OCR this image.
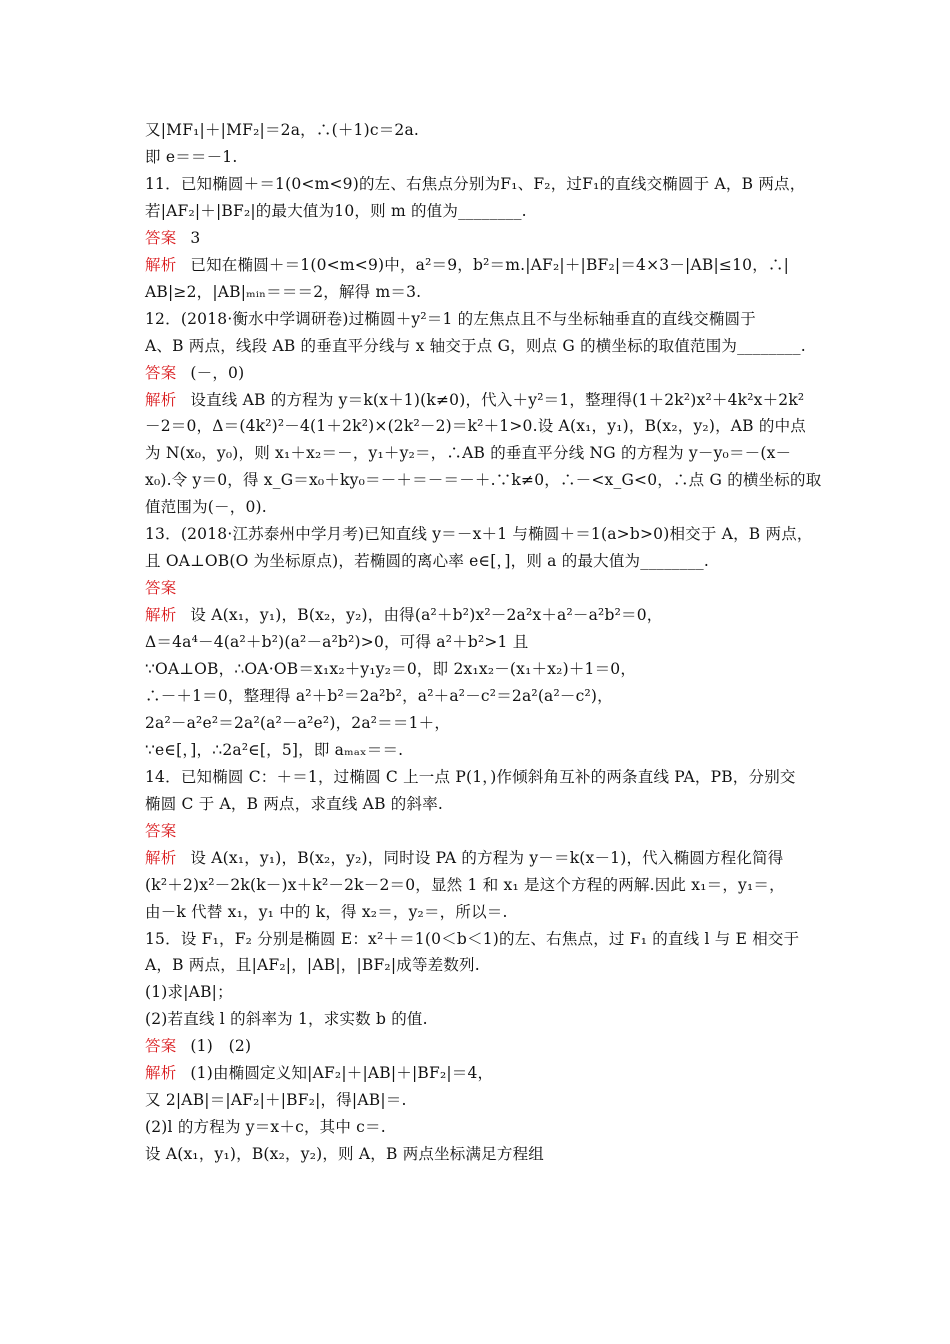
又|MF₁|＋|MF₂|＝2a，∴(＋1)c＝2a.
即 e＝＝－1.
11．已知椭圆＋＝1(0<m<9)的左、右焦点分别为F₁、F₂，过F₁的直线交椭圆于 A，B 两点，
若|AF₂|＋|BF₂|的最大值为10，则 m 的值为________.
答案 3
解析 已知在椭圆＋＝1(0<m<9)中，a²＝9，b²＝m.|AF₂|＋|BF₂|＝4×3－|AB|≤10，∴|
AB|≥2，|AB|ₘᵢₙ＝＝＝2，解得 m＝3.
12．(2018·衡水中学调研卷)过椭圆＋y²＝1 的左焦点且不与坐标轴垂直的直线交椭圆于
A、B 两点，线段 AB 的垂直平分线与 x 轴交于点 G，则点 G 的横坐标的取值范围为________.
答案 (－，0)
解析 设直线 AB 的方程为 y＝k(x＋1)(k≠0)，代入＋y²＝1，整理得(1＋2k²)x²＋4k²x＋2k²
－2＝0，Δ＝(4k²)²－4(1＋2k²)×(2k²－2)＝k²＋1>0.设 A(x₁，y₁)，B(x₂，y₂)，AB 的中点
为 N(x₀，y₀)，则 x₁＋x₂＝－，y₁＋y₂＝，∴AB 的垂直平分线 NG 的方程为 y－y₀＝－(x－
x₀).令 y＝0，得 x_G＝x₀＋ky₀＝－＋＝－＝－＋.∵k≠0，∴－<x_G<0，∴点 G 的横坐标的取
值范围为(－，0).
13．(2018·江苏泰州中学月考)已知直线 y＝－x＋1 与椭圆＋＝1(a>b>0)相交于 A，B 两点，
且 OA⊥OB(O 为坐标原点)，若椭圆的离心率 e∈[，]，则 a 的最大值为________.
答案
解析 设 A(x₁，y₁)，B(x₂，y₂)，由得(a²＋b²)x²－2a²x＋a²－a²b²＝0，
Δ＝4a⁴－4(a²＋b²)(a²－a²b²)>0，可得 a²＋b²>1 且
∵OA⊥OB，∴OA·OB＝x₁x₂＋y₁y₂＝0，即 2x₁x₂－(x₁＋x₂)＋1＝0，
∴－＋1＝0，整理得 a²＋b²＝2a²b²，a²＋a²－c²＝2a²(a²－c²)，
2a²－a²e²＝2a²(a²－a²e²)，2a²＝＝1＋，
∵e∈[，]，∴2a²∈[，5]，即 aₘₐₓ＝＝.
14．已知椭圆 C：＋＝1，过椭圆 C 上一点 P(1，)作倾斜角互补的两条直线 PA，PB，分别交
椭圆 C 于 A，B 两点，求直线 AB 的斜率.
答案
解析 设 A(x₁，y₁)，B(x₂，y₂)，同时设 PA 的方程为 y－＝k(x－1)，代入椭圆方程化简得
(k²＋2)x²－2k(k－)x＋k²－2k－2＝0，显然 1 和 x₁ 是这个方程的两解.因此 x₁＝，y₁＝，
由－k 代替 x₁，y₁ 中的 k，得 x₂＝，y₂＝，所以＝.
15．设 F₁，F₂ 分别是椭圆 E：x²＋＝1(0＜b＜1)的左、右焦点，过 F₁ 的直线 l 与 E 相交于
A，B 两点，且|AF₂|，|AB|，|BF₂|成等差数列.
(1)求|AB|；
(2)若直线 l 的斜率为 1，求实数 b 的值.
答案 (1)　(2)
解析 (1)由椭圆定义知|AF₂|＋|AB|＋|BF₂|＝4，
又 2|AB|＝|AF₂|＋|BF₂|，得|AB|＝.
(2)l 的方程为 y＝x＋c，其中 c＝.
设 A(x₁，y₁)，B(x₂，y₂)，则 A，B 两点坐标满足方程组
